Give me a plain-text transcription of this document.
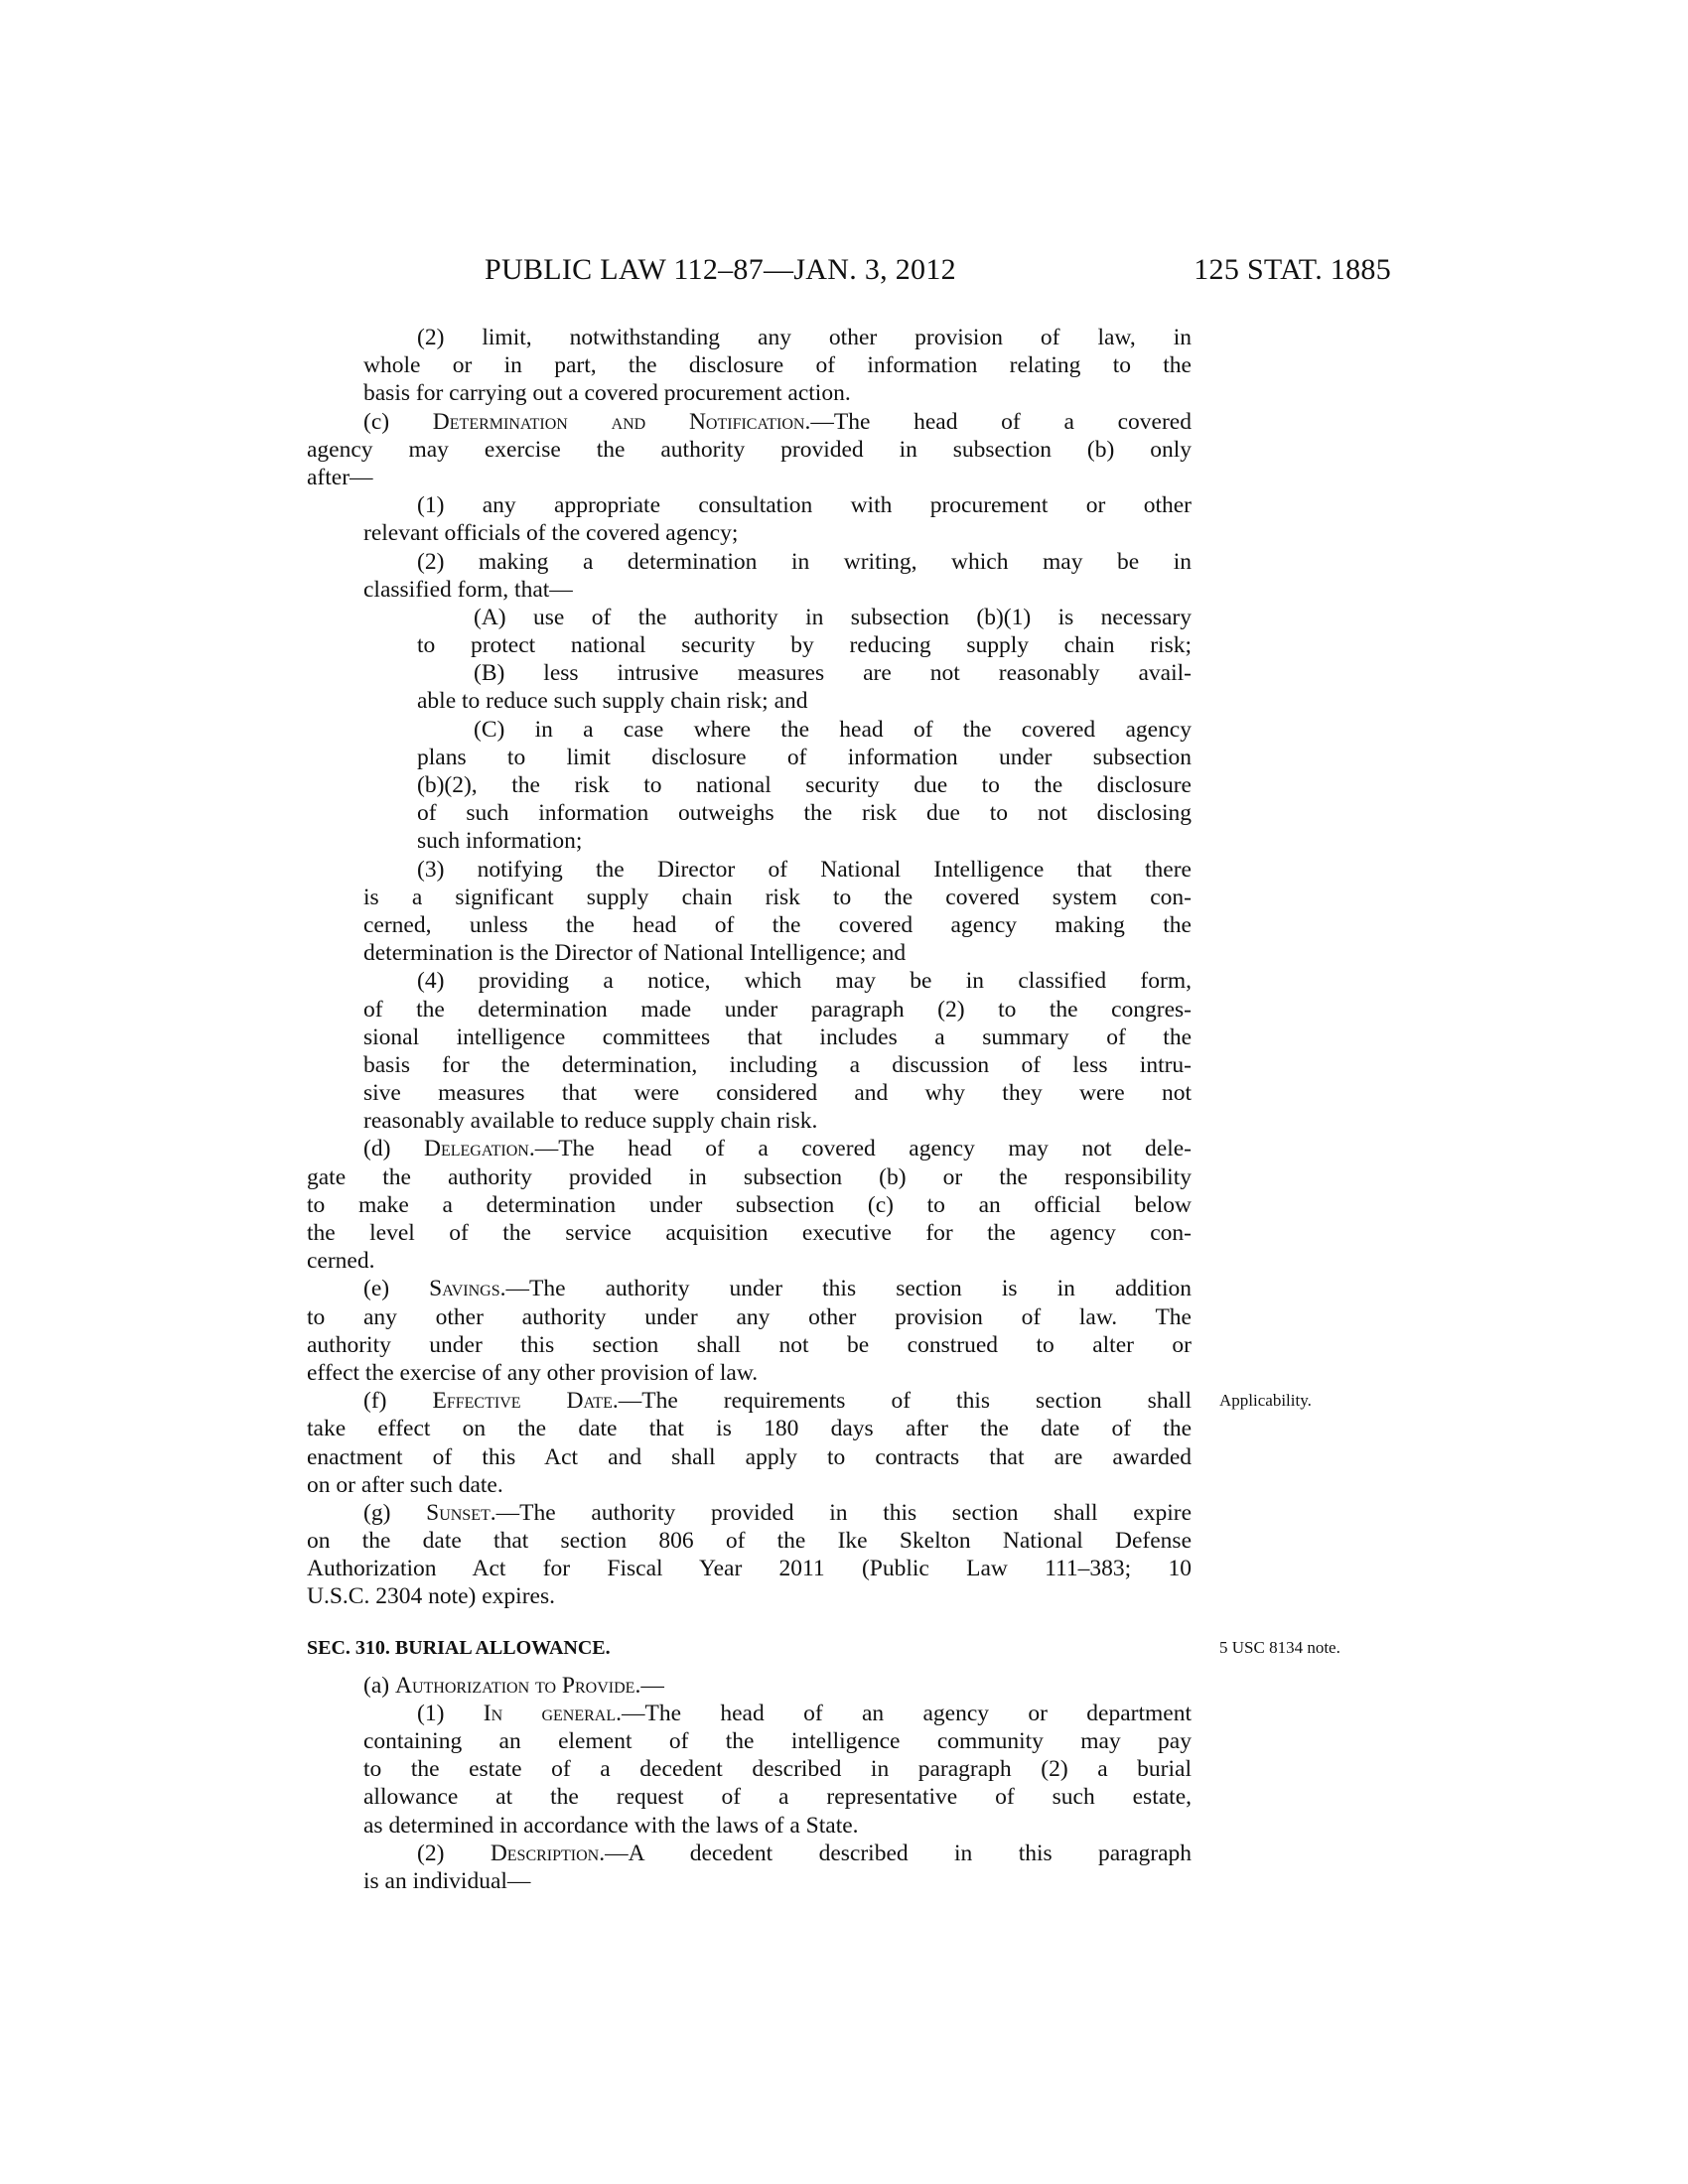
PUBLIC LAW 112–87—JAN. 3, 2012	125 STAT. 1885
(2) limit, notwithstanding any other provision of law, in
whole or in part, the disclosure of information relating to the
basis for carrying out a covered procurement action.
(c) Determination and Notification.—The head of a covered
agency may exercise the authority provided in subsection (b) only
after—
(1) any appropriate consultation with procurement or other
relevant officials of the covered agency;
(2) making a determination in writing, which may be in
classified form, that—
(A) use of the authority in subsection (b)(1) is necessary
to protect national security by reducing supply chain risk;
(B) less intrusive measures are not reasonably avail-
able to reduce such supply chain risk; and
(C) in a case where the head of the covered agency
plans to limit disclosure of information under subsection
(b)(2), the risk to national security due to the disclosure
of such information outweighs the risk due to not disclosing
such information;
(3) notifying the Director of National Intelligence that there
is a significant supply chain risk to the covered system con-
cerned, unless the head of the covered agency making the
determination is the Director of National Intelligence; and
(4) providing a notice, which may be in classified form,
of the determination made under paragraph (2) to the congres-
sional intelligence committees that includes a summary of the
basis for the determination, including a discussion of less intru-
sive measures that were considered and why they were not
reasonably available to reduce supply chain risk.
(d) Delegation.—The head of a covered agency may not dele-
gate the authority provided in subsection (b) or the responsibility
to make a determination under subsection (c) to an official below
the level of the service acquisition executive for the agency con-
cerned.
(e) Savings.—The authority under this section is in addition
to any other authority under any other provision of law. The
authority under this section shall not be construed to alter or
effect the exercise of any other provision of law.
(f) Effective Date.—The requirements of this section shall Applicability.
take effect on the date that is 180 days after the date of the
enactment of this Act and shall apply to contracts that are awarded
on or after such date.
(g) Sunset.—The authority provided in this section shall expire
on the date that section 806 of the Ike Skelton National Defense
Authorization Act for Fiscal Year 2011 (Public Law 111–383; 10
U.S.C. 2304 note) expires.
SEC. 310. BURIAL ALLOWANCE.	5 USC 8134 note.
(a) Authorization to Provide.—
(1) In general.—The head of an agency or department
containing an element of the intelligence community may pay
to the estate of a decedent described in paragraph (2) a burial
allowance at the request of a representative of such estate,
as determined in accordance with the laws of a State.
(2) Description.—A decedent described in this paragraph
is an individual—
